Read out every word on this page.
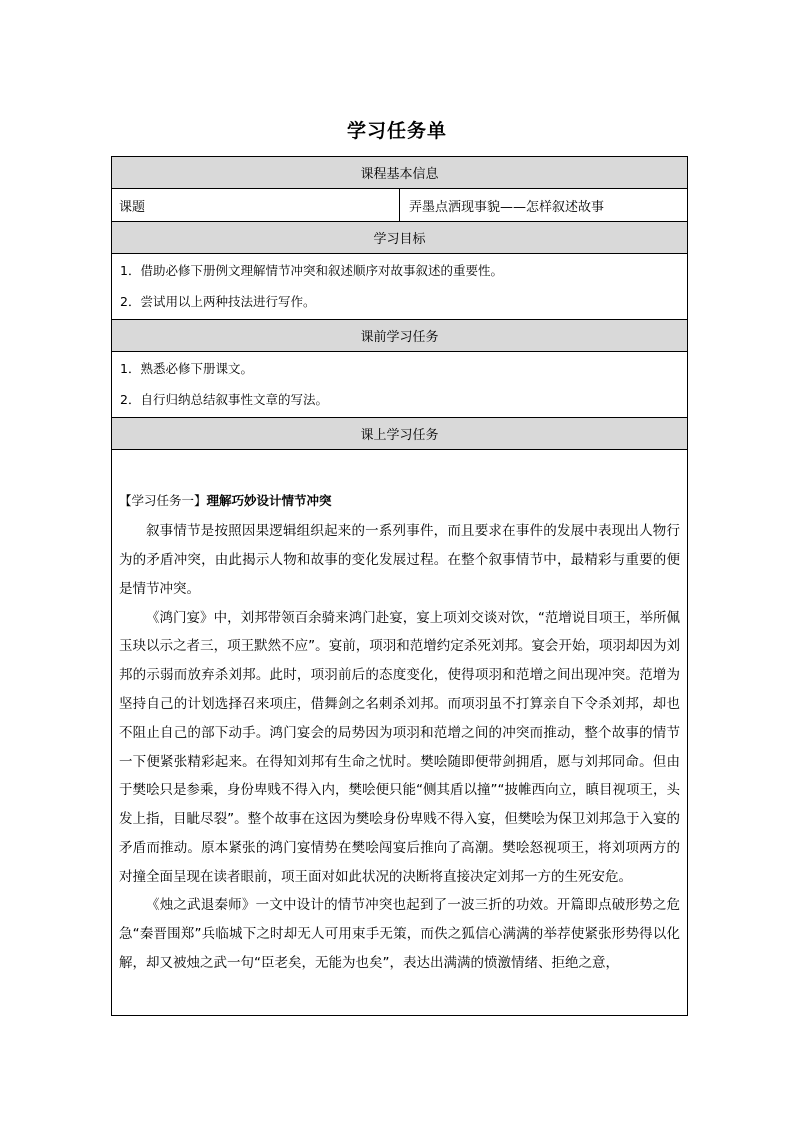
学习任务单
课程基本信息
课题	弄墨点洒现事貌——怎样叙述故事
学习目标

1．借助必修下册例文理解情节冲突和叙述顺序对故事叙述的重要性。
2．尝试用以上两种技法进行写作。

课前学习任务

1．熟悉必修下册课文。
2．自行归纳总结叙事性文章的写法。

课上学习任务

【学习任务一】理解巧妙设计情节冲突

叙事情节是按照因果逻辑组织起来的一系列事件，而且要求在事件的发展中表现出人物行为的矛盾冲突，由此揭示人物和故事的变化发展过程。在整个叙事情节中，最精彩与重要的便是情节冲突。

《鸿门宴》中，刘邦带领百余骑来鸿门赴宴，宴上项刘交谈对饮，“范增说目项王，举所佩玉玦以示之者三，项王默然不应”。宴前，项羽和范增约定杀死刘邦。宴会开始，项羽却因为刘邦的示弱而放弃杀刘邦。此时，项羽前后的态度变化，使得项羽和范增之间出现冲突。范增为坚持自己的计划选择召来项庄，借舞剑之名刺杀刘邦。而项羽虽不打算亲自下令杀刘邦，却也不阻止自己的部下动手。鸿门宴会的局势因为项羽和范增之间的冲突而推动，整个故事的情节一下便紧张精彩起来。在得知刘邦有生命之忧时。樊哙随即便带剑拥盾，愿与刘邦同命。但由于樊哙只是参乘，身份卑贱不得入内，樊哙便只能“侧其盾以撞”“披帷西向立，瞋目视项王，头发上指，目眦尽裂”。整个故事在这因为樊哙身份卑贱不得入宴，但樊哙为保卫刘邦急于入宴的矛盾而推动。原本紧张的鸿门宴情势在樊哙闯宴后推向了高潮。樊哙怒视项王，将刘项两方的对撞全面呈现在读者眼前，项王面对如此状况的决断将直接决定刘邦一方的生死安危。

《烛之武退秦师》一文中设计的情节冲突也起到了一波三折的功效。开篇即点破形势之危急“秦晋围郑”兵临城下之时却无人可用束手无策，而佚之狐信心满满的举荐使紧张形势得以化解，却又被烛之武一句“臣老矣，无能为也矣”，表达出满满的愤激情绪、拒绝之意，
